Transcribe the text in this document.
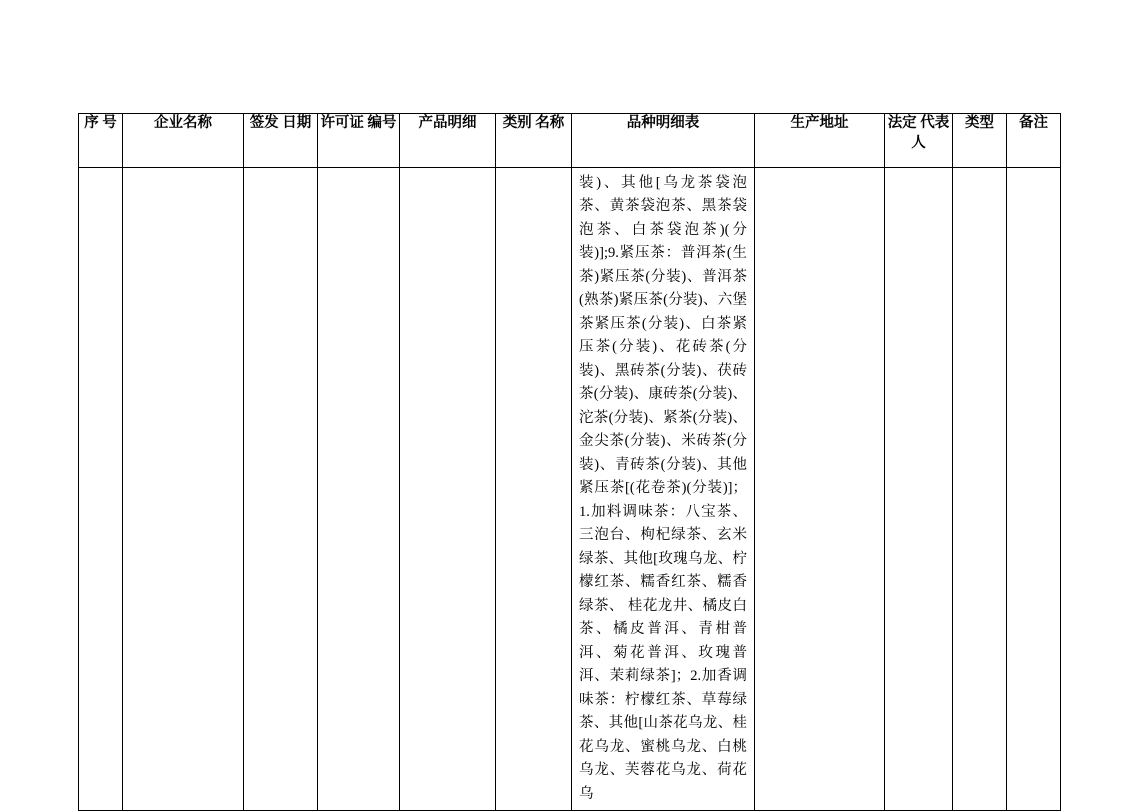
序 号	企业名称	签发 日期	许可证 编号	产品明细	类别 名称	品种明细表	生产地址	法定 代表人	类型	备注

						装)、其他[乌龙茶袋泡茶、黄茶袋泡茶、黑茶袋泡茶、白茶袋泡茶)(分装)];9.紧压茶：普洱茶(生茶)紧压茶(分装)、普洱茶(熟茶)紧压茶(分装)、六堡茶紧压茶(分装)、白茶紧压茶(分装)、花砖茶(分装)、黑砖茶(分装)、茯砖茶(分装)、康砖茶(分装)、沱茶(分装)、紧茶(分装)、金尖茶(分装)、米砖茶(分装)、青砖茶(分装)、其他紧压茶[(花卷茶)(分装)]；1.加料调味茶：八宝茶、三泡台、枸杞绿茶、玄米绿茶、其他[玫瑰乌龙、柠檬红茶、糯香红茶、糯香绿茶、 桂花龙井、橘皮白茶、橘皮普洱、青柑普洱、菊花普洱、玫瑰普洱、茉莉绿茶]；2.加香调味茶：柠檬红茶、草莓绿茶、其他[山茶花乌龙、桂花乌龙、蜜桃乌龙、白桃乌龙、芙蓉花乌龙、荷花乌				
